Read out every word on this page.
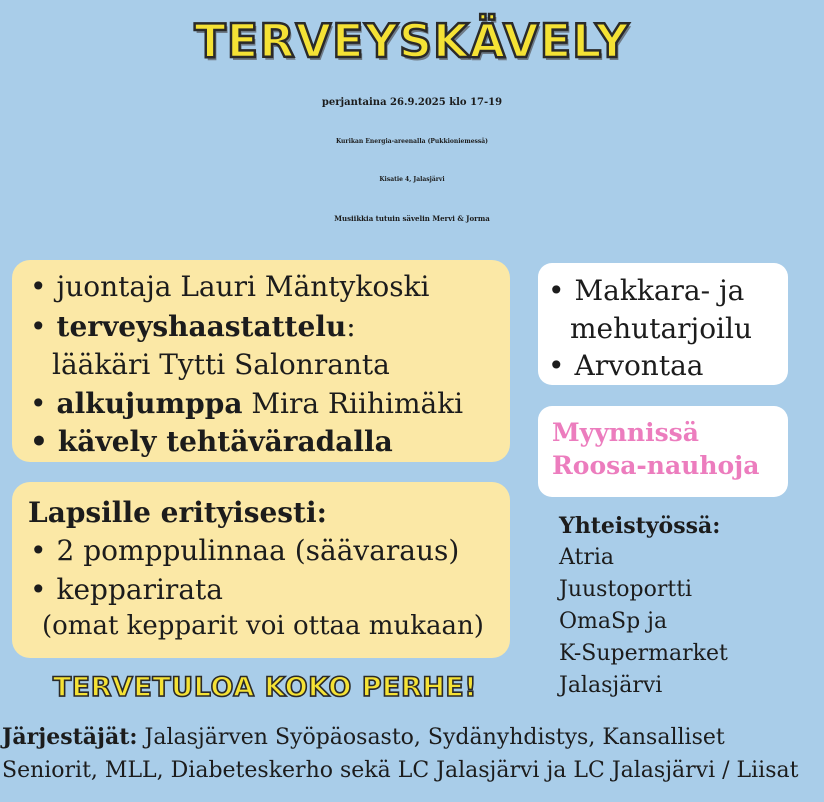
TERVEYSKÄVELY
perjantaina 26.9.2025 klo 17-19
Kurikan Energia-areenalla (Pukkioniemessä)
Kisatie 4, Jalasjärvi
Musiikkia tutuin sävelin Mervi & Jorma
• juontaja Lauri Mäntykoski
• terveyshaastattelu:
lääkäri Tytti Salonranta
• alkujumppa Mira Riihimäki
• kävely tehtäväradalla
Lapsille erityisesti:
• 2 pomppulinnaa (säävaraus)
• kepparirata
(omat kepparit voi ottaa mukaan)
• Makkara- ja
mehutarjoilu
• Arvontaa
Myynnissä
Roosa-nauhoja
Yhteistyössä:
Atria
Juustoportti
OmaSp ja
K-Supermarket
Jalasjärvi
TERVETULOA KOKO PERHE!
Järjestäjät: Jalasjärven Syöpäosasto, Sydänyhdistys, Kansalliset
Seniorit, MLL, Diabeteskerho sekä LC Jalasjärvi ja LC Jalasjärvi / Liisat
